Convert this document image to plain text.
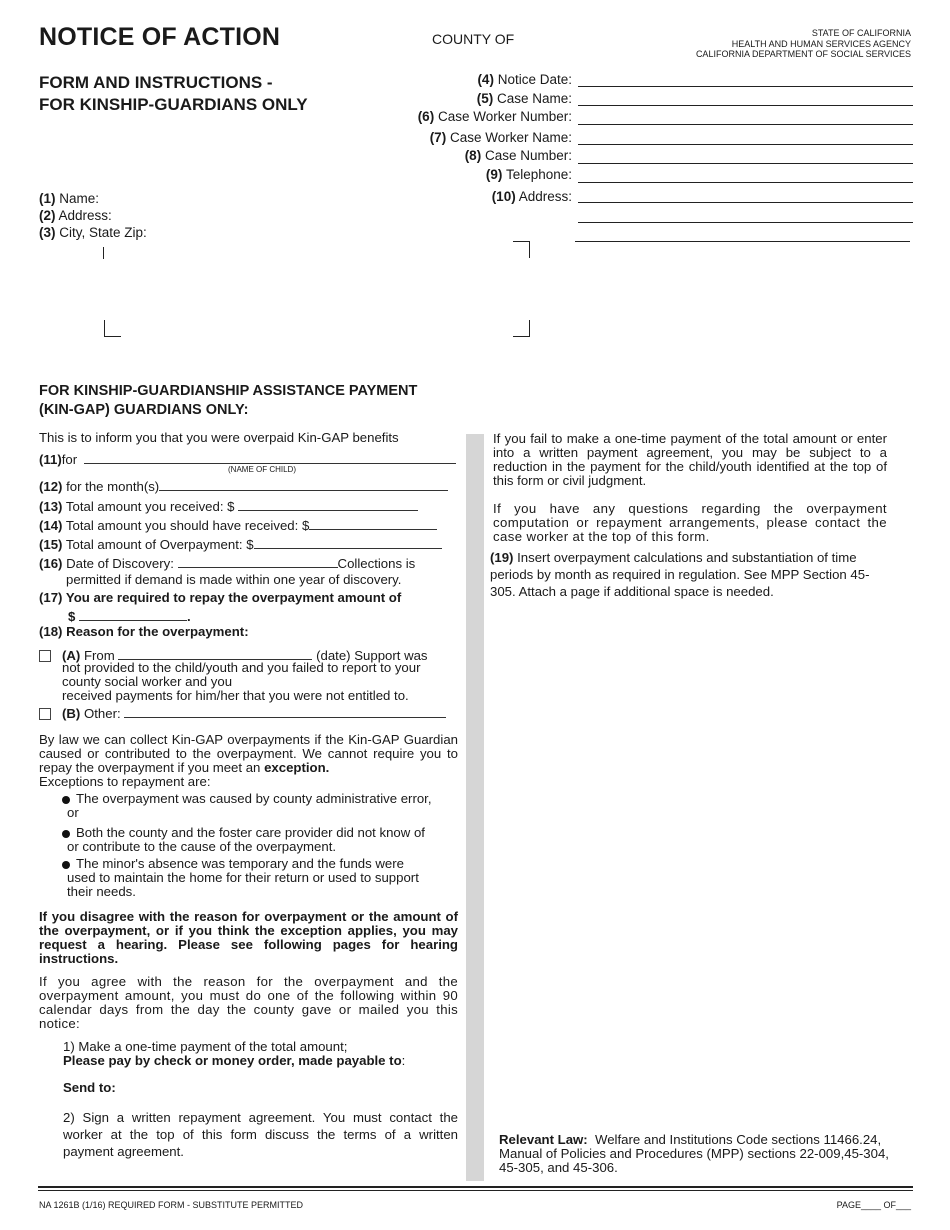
NOTICE OF ACTION
FORM AND INSTRUCTIONS -
FOR KINSHIP-GUARDIANS ONLY
COUNTY OF	STATE OF CALIFORNIA
HEALTH AND HUMAN SERVICES AGENCY
CALIFORNIA DEPARTMENT OF SOCIAL SERVICES
(4) Notice Date:
(5) Case Name:
(6) Case Worker Number:
(7) Case Worker Name:
(8) Case Number:
(9) Telephone:
(10) Address:
(1) Name:
(2) Address:
(3) City, State Zip:
FOR KINSHIP-GUARDIANSHIP ASSISTANCE PAYMENT
(KIN-GAP) GUARDIANS ONLY:
This is to inform you that you were overpaid Kin-GAP benefits
(11)for
(NAME OF CHILD)
(12) for the month(s)
(13) Total amount you received: $
(14) Total amount you should have received: $
(15) Total amount of Overpayment: $
(16) Date of Discovery:	Collections is
permitted if demand is made within one year of discovery.
(17) You are required to repay the overpayment amount of
$	.
(18) Reason for the overpayment:
(A) From	(date) Support was
not provided to the child/youth and you failed to report to your
county social worker and you
received payments for him/her that you were not entitled to.
(B) Other:
By law we can collect Kin-GAP overpayments if the Kin-GAP Guardian caused or contributed to the overpayment. We cannot require you to repay the overpayment if you meet an exception.
Exceptions to repayment are:
The overpayment was caused by county administrative error,
or
Both the county and the foster care provider did not know of
or contribute to the cause of the overpayment.
The minor's absence was temporary and the funds were
used to maintain the home for their return or used to support
their needs.
If you disagree with the reason for overpayment or the amount of the overpayment, or if you think the exception applies, you may request a hearing. Please see following pages for hearing instructions.
If you agree with the reason for the overpayment and the overpayment amount, you must do one of the following within 90 calendar days from the day the county gave or mailed you this notice:
1) Make a one-time payment of the total amount;
Please pay by check or money order, made payable to:
Send to:
2) Sign a written repayment agreement. You must contact the worker at the top of this form discuss the terms of a written payment agreement.
If you fail to make a one-time payment of the total amount or enter into a written payment agreement, you may be subject to a reduction in the payment for the child/youth identified at the top of this form or civil judgment.
If you have any questions regarding the overpayment computation or repayment arrangements, please contact the case worker at the top of this form.
(19) Insert overpayment calculations and substantiation of time periods by month as required in regulation. See MPP Section 45-305. Attach a page if additional space is needed.
Relevant Law: Welfare and Institutions Code sections 11466.24, Manual of Policies and Procedures (MPP) sections 22-009,45-304, 45-305, and 45-306.
NA 1261B (1/16) REQUIRED FORM - SUBSTITUTE PERMITTED	PAGE____ OF___
